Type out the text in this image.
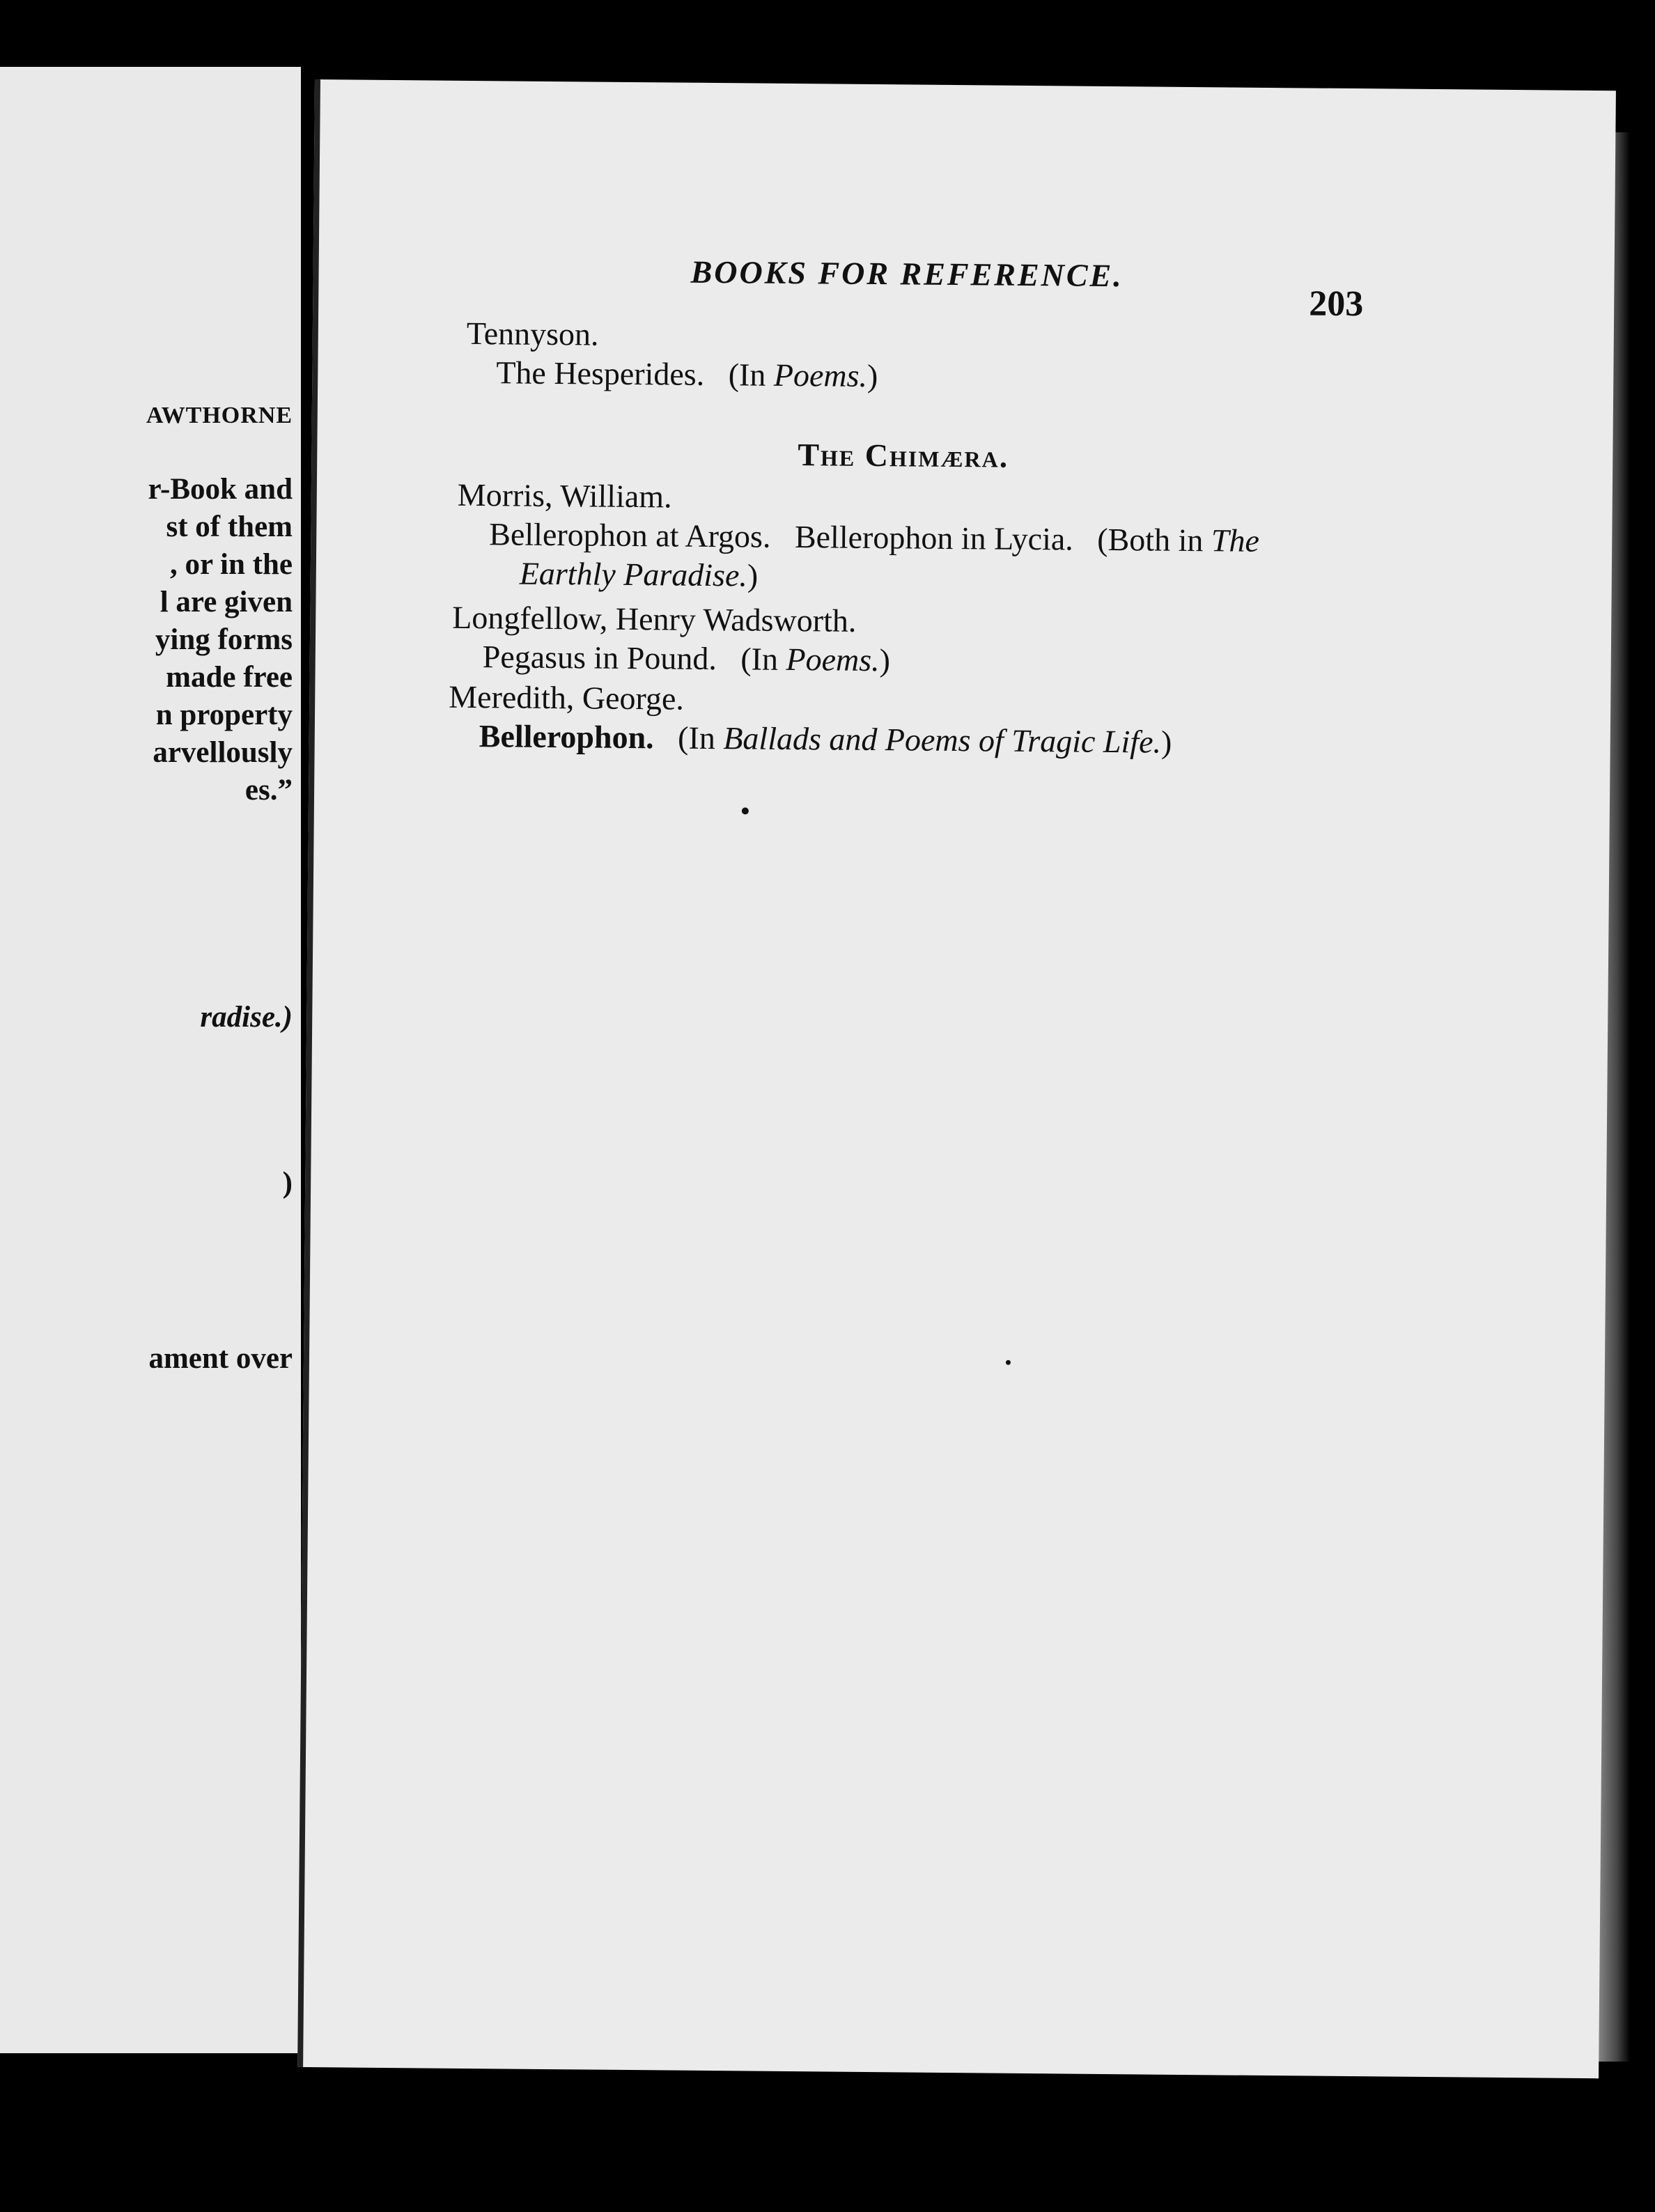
AWTHORNE

r-Book and

st of them

, or in the

l are given

ying forms

made free

n property

arvellously

es.”

radise.)

)

ament over

BOOKS FOR REFERENCE.

203

Tennyson.

The Hesperides. (In Poems.)

The Chimæra.

Morris, William.

Bellerophon at Argos. Bellerophon in Lycia. (Both in The

Earthly Paradise.)

Longfellow, Henry Wadsworth.

Pegasus in Pound. (In Poems.)

Meredith, George.

Bellerophon. (In Ballads and Poems of Tragic Life.)
